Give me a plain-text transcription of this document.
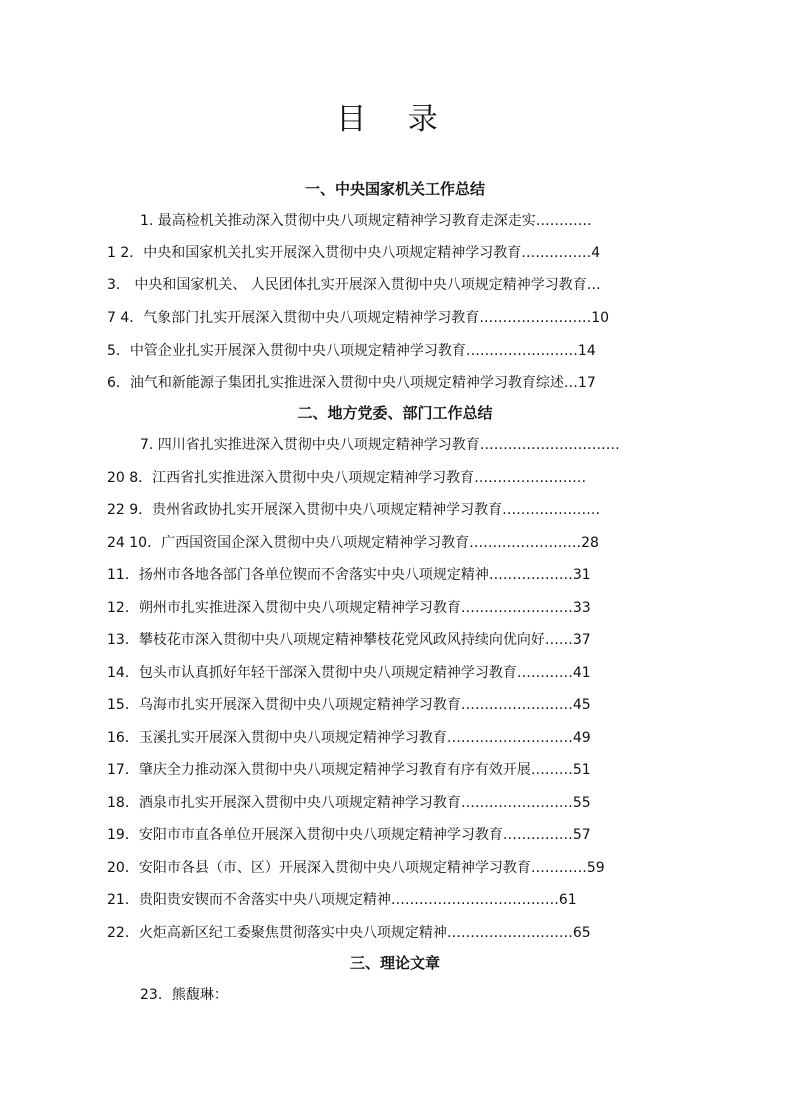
目 录
一、中央国家机关工作总结
1. 最高检机关推动深入贯彻中央八项规定精神学习教育走深走实…………
1 2．中央和国家机关扎实开展深入贯彻中央八项规定精神学习教育……………4
3． 中央和国家机关、 人民团体扎实开展深入贯彻中央八项规定精神学习教育…
7 4．气象部门扎实开展深入贯彻中央八项规定精神学习教育……………………10
5．中管企业扎实开展深入贯彻中央八项规定精神学习教育……………………14
6．油气和新能源子集团扎实推进深入贯彻中央八项规定精神学习教育综述…17
二、地方党委、部门工作总结
7. 四川省扎实推进深入贯彻中央八项规定精神学习教育…………………………
20 8．江西省扎实推进深入贯彻中央八项规定精神学习教育……………………
22 9．贵州省政协扎实开展深入贯彻中央八项规定精神学习教育…………………
24 10．广西国资国企深入贯彻中央八项规定精神学习教育……………………28
11．扬州市各地各部门各单位锲而不舍落实中央八项规定精神………………31
12．朔州市扎实推进深入贯彻中央八项规定精神学习教育……………………33
13．攀枝花市深入贯彻中央八项规定精神攀枝花党风政风持续向优向好……37
14．包头市认真抓好年轻干部深入贯彻中央八项规定精神学习教育…………41
15．乌海市扎实开展深入贯彻中央八项规定精神学习教育……………………45
16．玉溪扎实开展深入贯彻中央八项规定精神学习教育………………………49
17．肇庆全力推动深入贯彻中央八项规定精神学习教育有序有效开展………51
18．酒泉市扎实开展深入贯彻中央八项规定精神学习教育……………………55
19．安阳市市直各单位开展深入贯彻中央八项规定精神学习教育……………57
20．安阳市各县（市、区）开展深入贯彻中央八项规定精神学习教育…………59
21．贵阳贵安锲而不舍落实中央八项规定精神………………………………61
22．火炬高新区纪工委聚焦贯彻落实中央八项规定精神………………………65
三、理论文章
23．熊馥琳：
